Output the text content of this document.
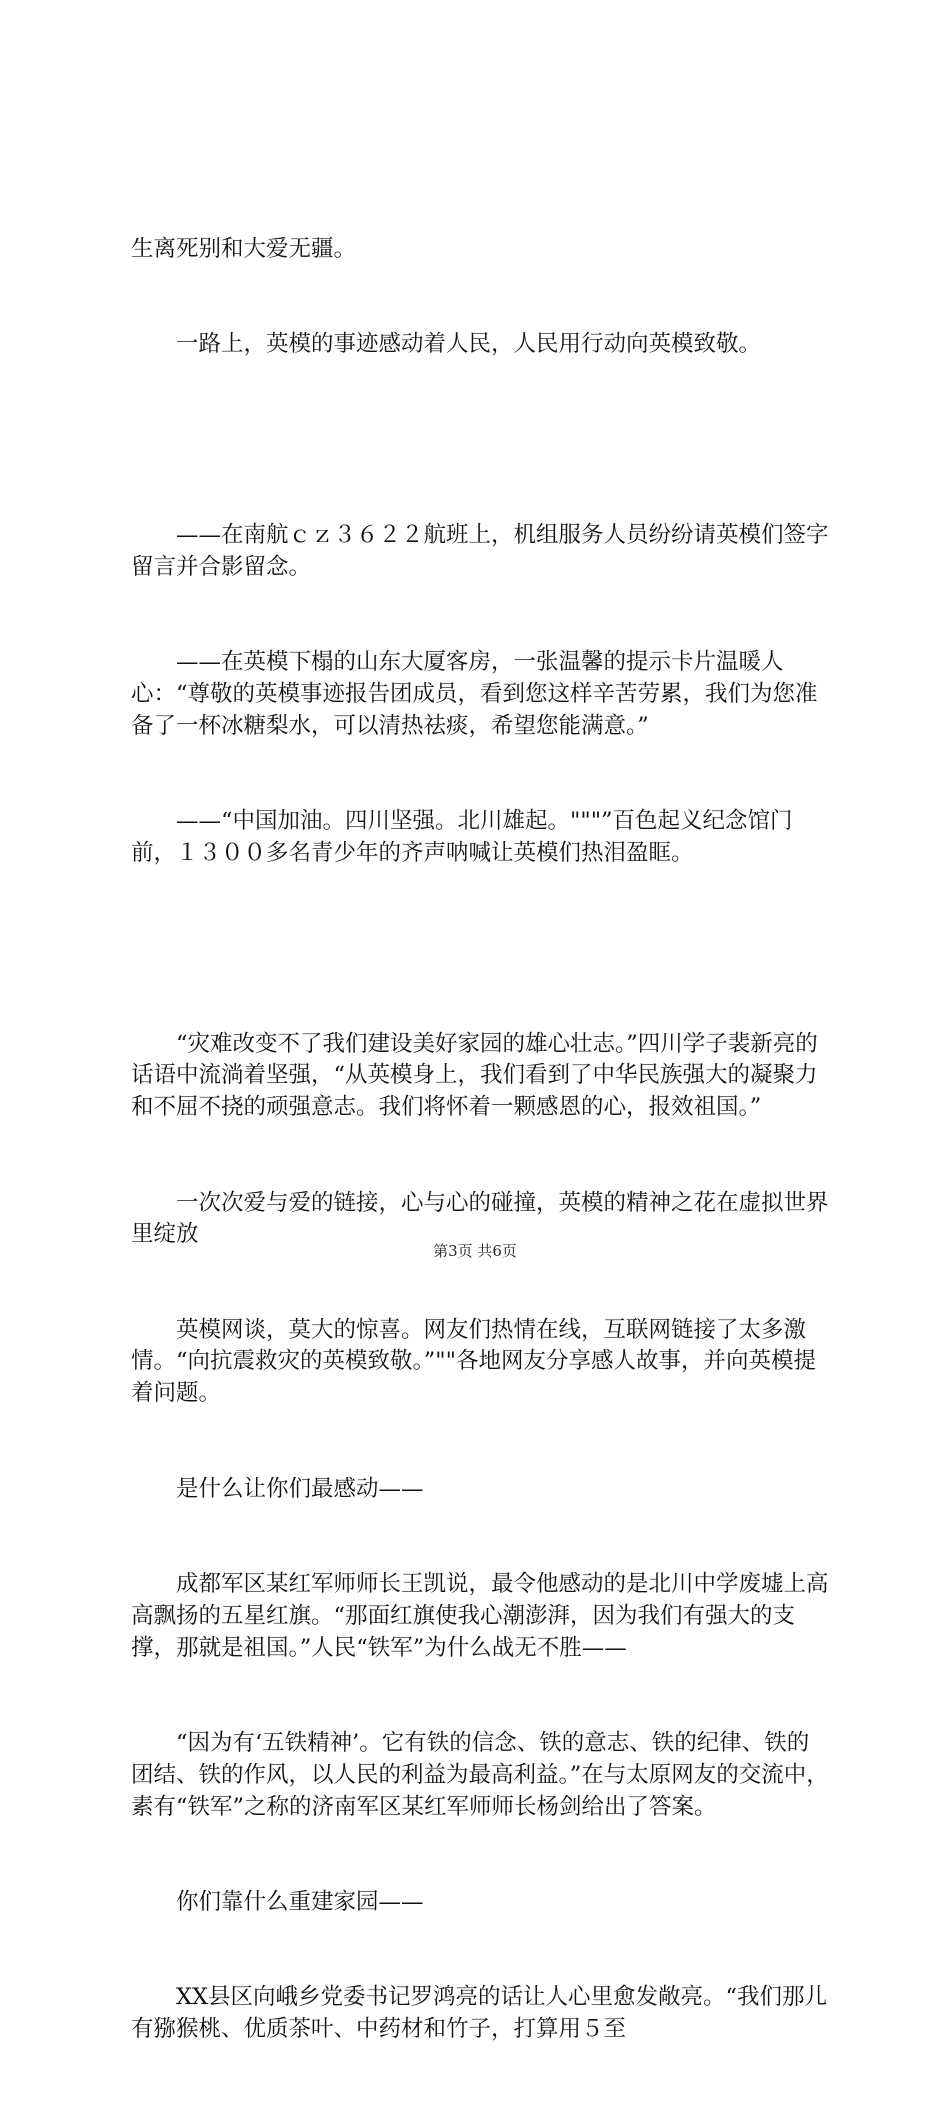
生离死别和大爱无疆。

　　一路上，英模的事迹感动着人民，人民用行动向英模致敬。

　　——在南航ｃｚ３６２２航班上，机组服务人员纷纷请英模们签字留言并合影留念。

　　——在英模下榻的山东大厦客房，一张温馨的提示卡片温暖人心：“尊敬的英模事迹报告团成员，看到您这样辛苦劳累，我们为您准备了一杯冰糖梨水，可以清热祛痰，希望您能满意。”

　　——“中国加油。四川坚强。北川雄起。"""”百色起义纪念馆门前，１３００多名青少年的齐声呐喊让英模们热泪盈眶。

　　“灾难改变不了我们建设美好家园的雄心壮志。”四川学子裴新亮的话语中流淌着坚强，“从英模身上，我们看到了中华民族强大的凝聚力和不屈不挠的顽强意志。我们将怀着一颗感恩的心，报效祖国。”

　　一次次爱与爱的链接，心与心的碰撞，英模的精神之花在虚拟世界里绽放

　　英模网谈，莫大的惊喜。网友们热情在线，互联网链接了太多激情。“向抗震救灾的英模致敬。”""各地网友分享感人故事，并向英模提着问题。

　　是什么让你们最感动——

　　成都军区某红军师师长王凯说，最令他感动的是北川中学废墟上高高飘扬的五星红旗。“那面红旗使我心潮澎湃，因为我们有强大的支撑，那就是祖国。”人民“铁军”为什么战无不胜——

　　“因为有‘五铁精神’。它有铁的信念、铁的意志、铁的纪律、铁的团结、铁的作风，以人民的利益为最高利益。”在与太原网友的交流中，素有“铁军”之称的济南军区某红军师师长杨剑给出了答案。

　　你们靠什么重建家园——

　　XX县区向峨乡党委书记罗鸿亮的话让人心里愈发敞亮。“我们那儿有猕猴桃、优质茶叶、中药材和竹子，打算用５至

第3页 共6页
